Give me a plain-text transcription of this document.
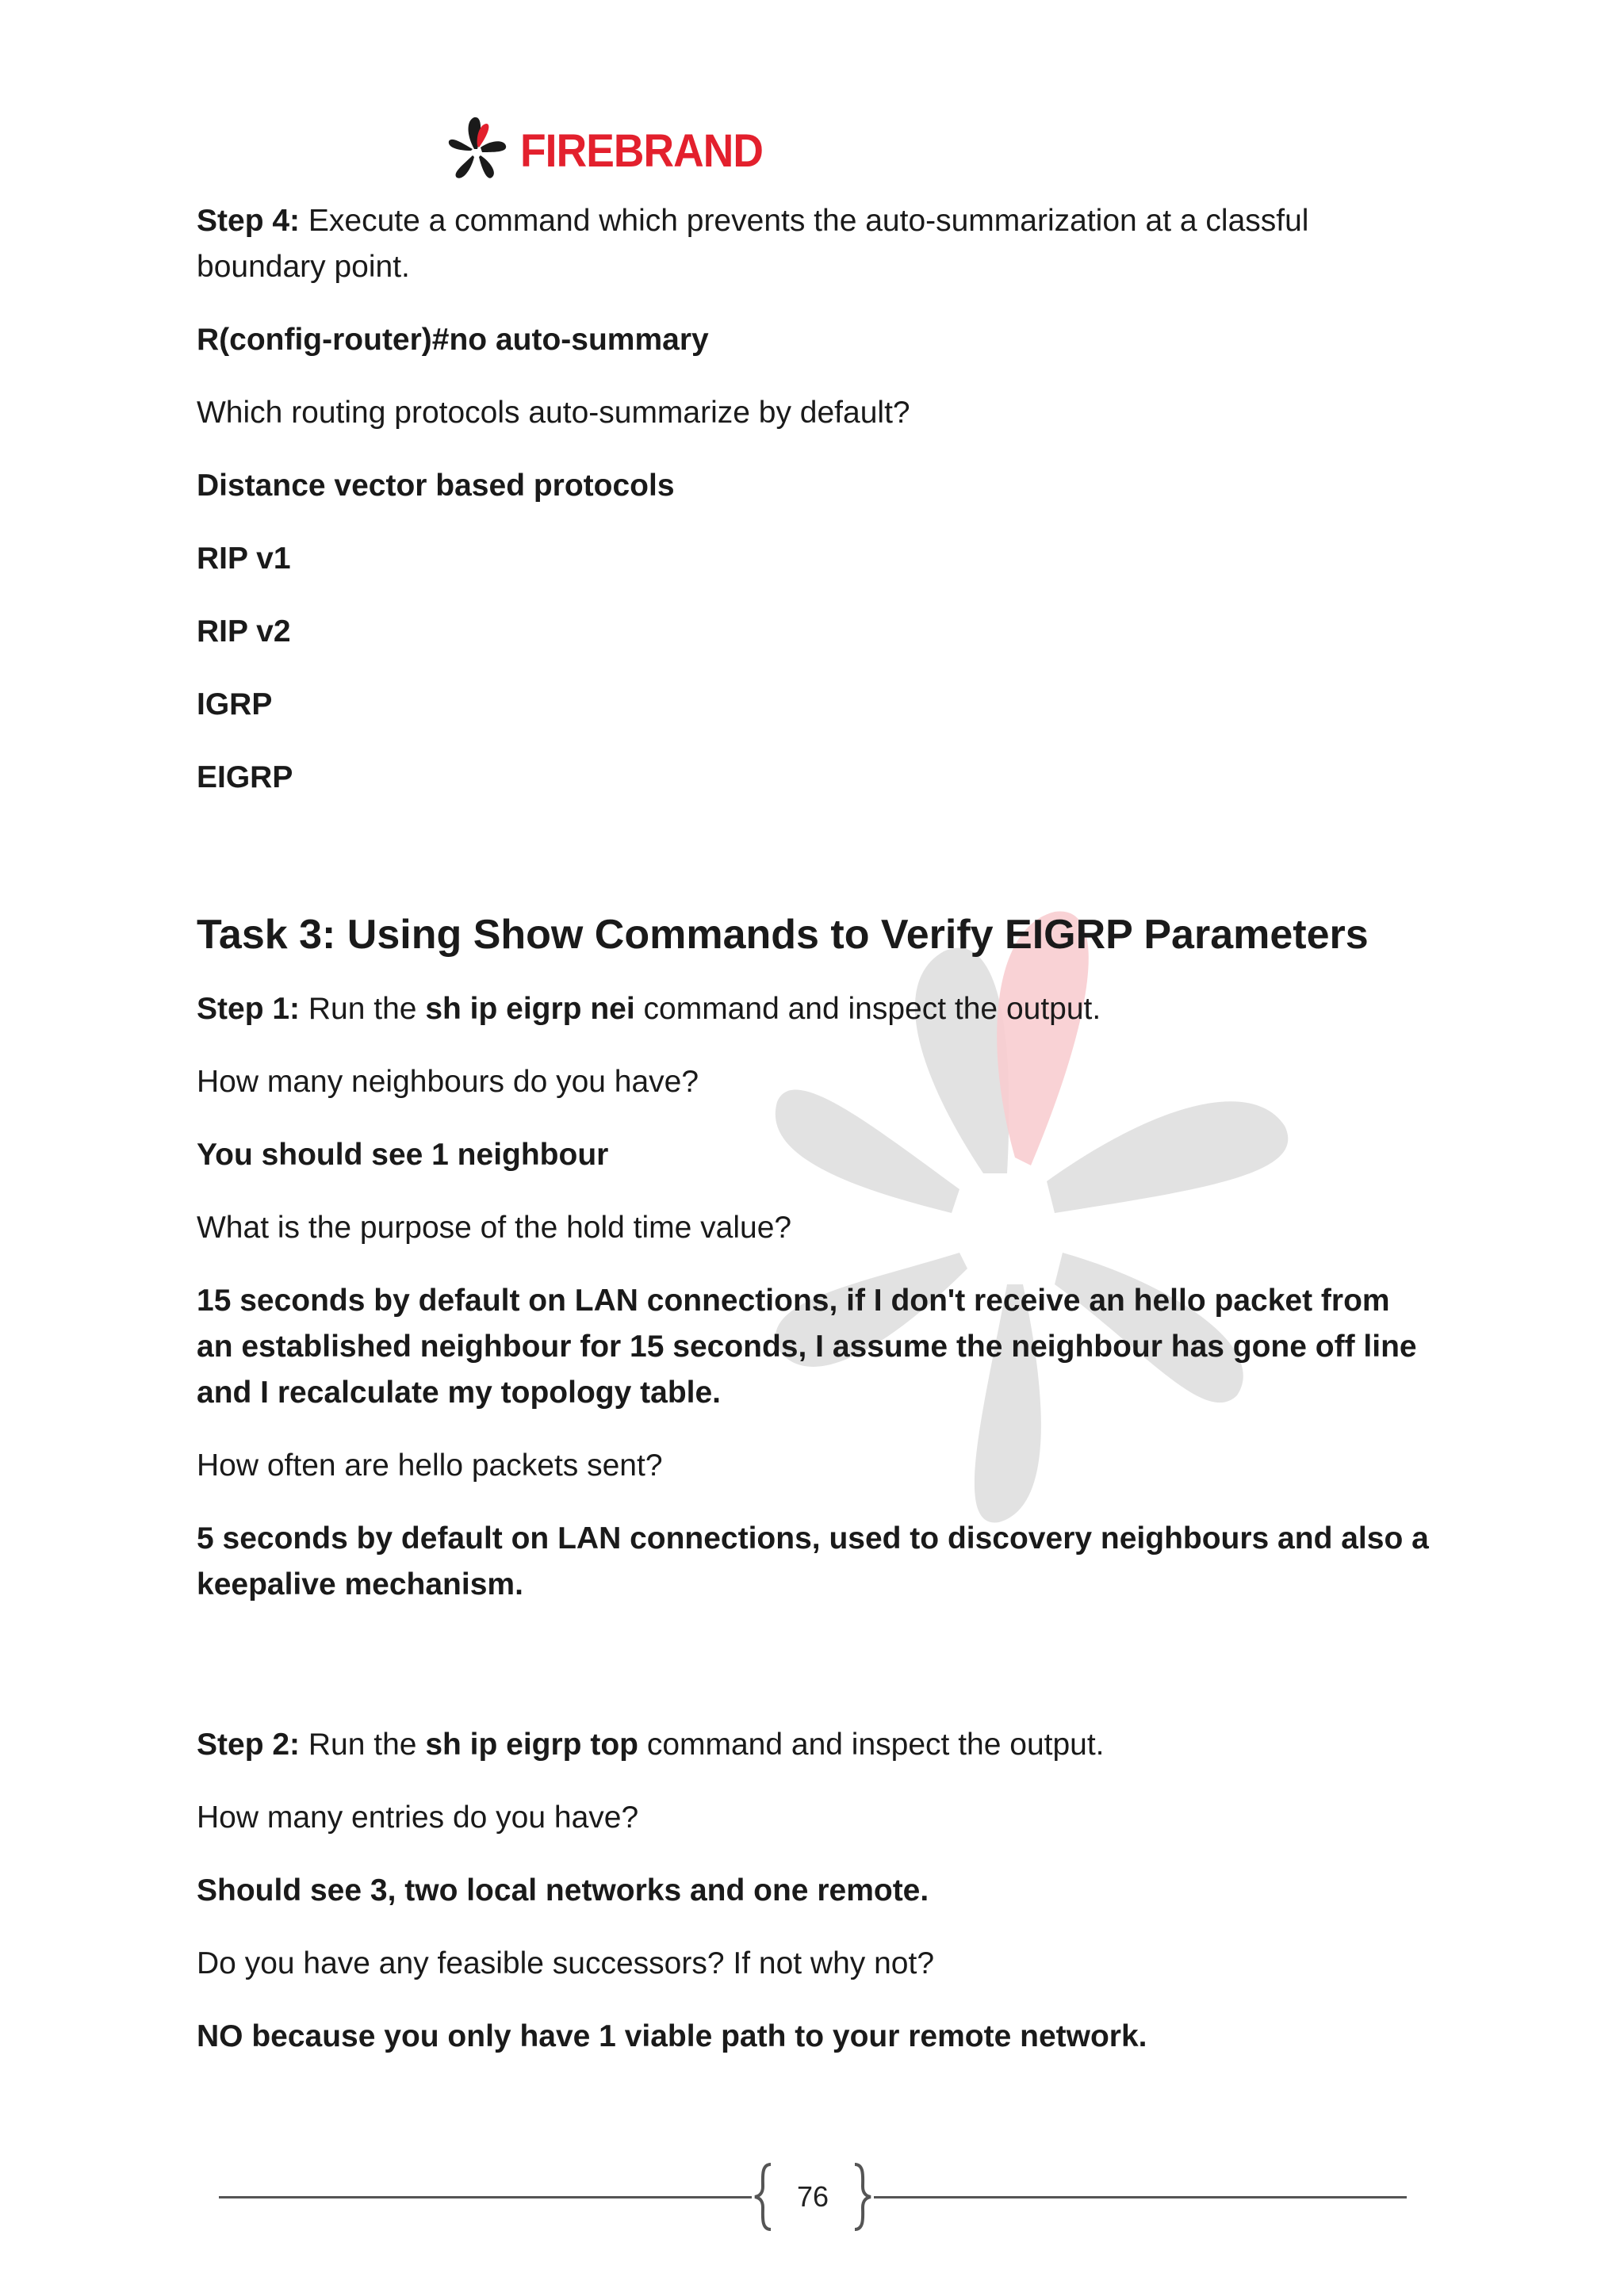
FIREBRAND

Step 4: Execute a command which prevents the auto-summarization at a classful boundary point.

R(config-router)#no auto-summary

Which routing protocols auto-summarize by default?

Distance vector based protocols

RIP v1

RIP v2

IGRP

EIGRP

Task 3: Using Show Commands to Verify EIGRP Parameters

Step 1: Run the sh ip eigrp nei command and inspect the output.

How many neighbours do you have?

You should see 1 neighbour

What is the purpose of the hold time value?

15 seconds by default on LAN connections, if I don't receive an hello packet from an established neighbour for 15 seconds, I assume the neighbour has gone off line and I recalculate my topology table.

How often are hello packets sent?

5 seconds by default on LAN connections, used to discovery neighbours and also a keepalive mechanism.

Step 2: Run the sh ip eigrp top command and inspect the output.

How many entries do you have?

Should see 3, two local networks and one remote.

Do you have any feasible successors? If not why not?

NO because you only have 1 viable path to your remote network.

76
